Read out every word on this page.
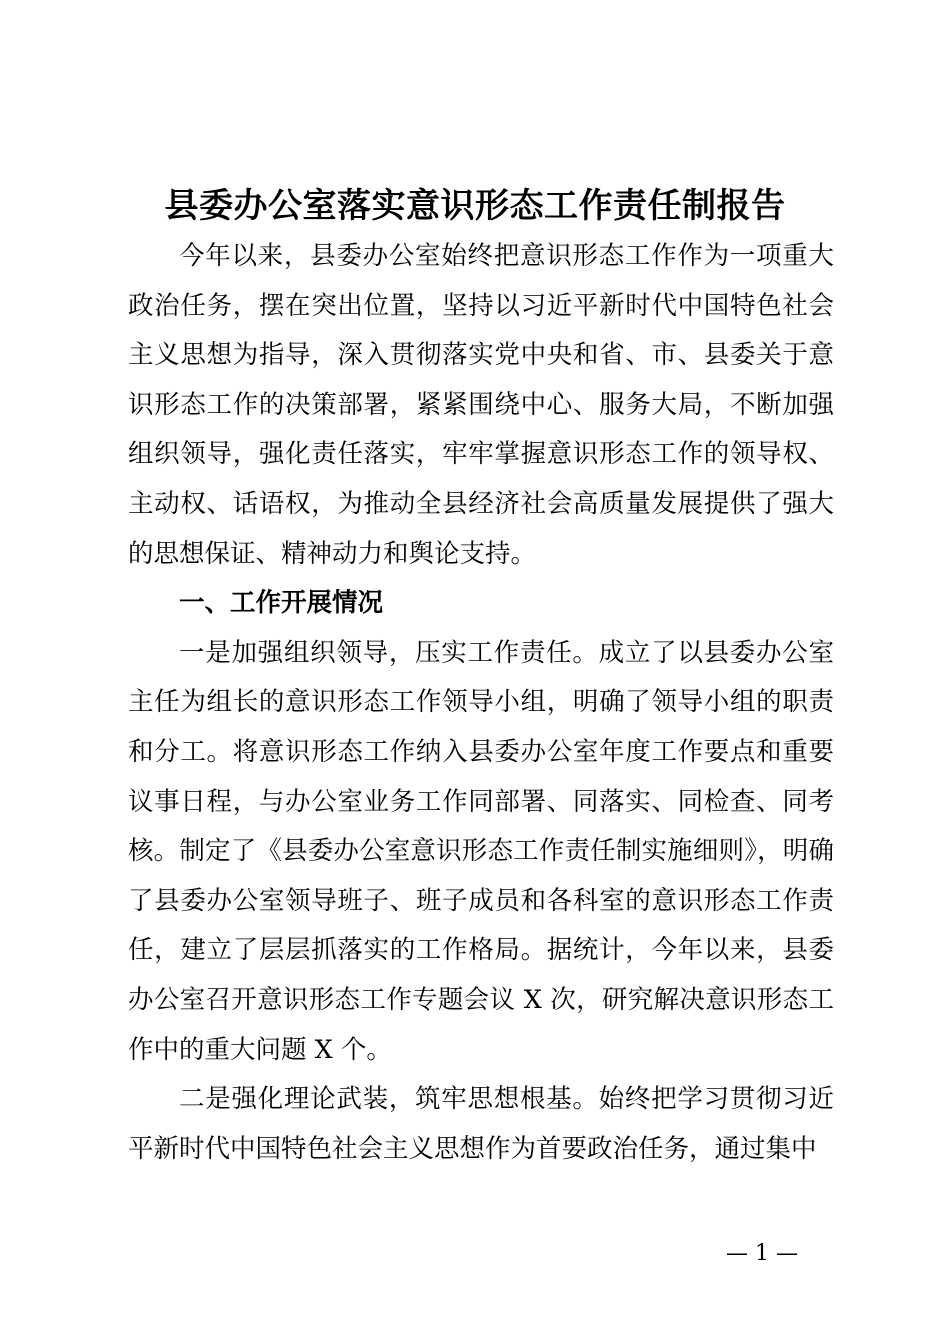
县委办公室落实意识形态工作责任制报告

今年以来，县委办公室始终把意识形态工作作为一项重大政治任务，摆在突出位置，坚持以习近平新时代中国特色社会主义思想为指导，深入贯彻落实党中央和省、市、县委关于意识形态工作的决策部署，紧紧围绕中心、服务大局，不断加强组织领导，强化责任落实，牢牢掌握意识形态工作的领导权、主动权、话语权，为推动全县经济社会高质量发展提供了强大的思想保证、精神动力和舆论支持。

一、工作开展情况

一是加强组织领导，压实工作责任。成立了以县委办公室主任为组长的意识形态工作领导小组，明确了领导小组的职责和分工。将意识形态工作纳入县委办公室年度工作要点和重要议事日程，与办公室业务工作同部署、同落实、同检查、同考核。制定了《县委办公室意识形态工作责任制实施细则》，明确了县委办公室领导班子、班子成员和各科室的意识形态工作责任，建立了层层抓落实的工作格局。据统计，今年以来，县委办公室召开意识形态工作专题会议 X 次，研究解决意识形态工作中的重大问题 X 个。

二是强化理论武装，筑牢思想根基。始终把学习贯彻习近平新时代中国特色社会主义思想作为首要政治任务，通过集中

— 1 —
